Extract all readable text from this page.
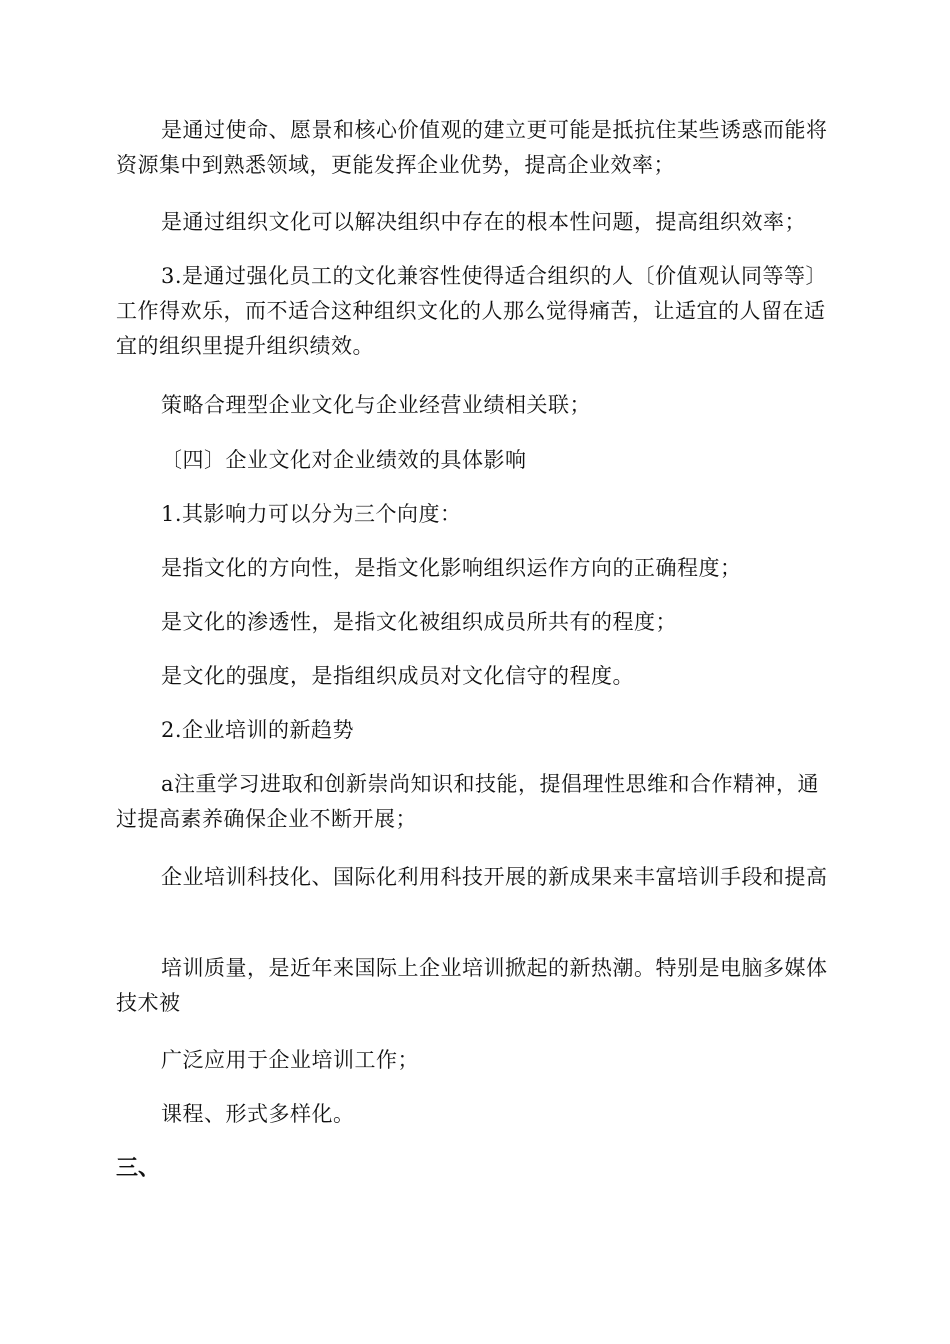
是通过使命、愿景和核心价值观的建立更可能是抵抗住某些诱惑而能将资源集中到熟悉领域，更能发挥企业优势，提高企业效率；

是通过组织文化可以解决组织中存在的根本性问题，提高组织效率；

3.是通过强化员工的文化兼容性使得适合组织的人〔价值观认同等等〕工作得欢乐，而不适合这种组织文化的人那么觉得痛苦，让适宜的人留在适宜的组织里提升组织绩效。

策略合理型企业文化与企业经营业绩相关联；

〔四〕企业文化对企业绩效的具体影响

1.其影响力可以分为三个向度：

是指文化的方向性，是指文化影响组织运作方向的正确程度；

是文化的渗透性，是指文化被组织成员所共有的程度；

是文化的强度，是指组织成员对文化信守的程度。

2.企业培训的新趋势

a注重学习进取和创新崇尚知识和技能，提倡理性思维和合作精神，通过提高素养确保企业不断开展；

企业培训科技化、国际化利用科技开展的新成果来丰富培训手段和提高

培训质量，是近年来国际上企业培训掀起的新热潮。特别是电脑多媒体技术被

广泛应用于企业培训工作；

课程、形式多样化。

三、
